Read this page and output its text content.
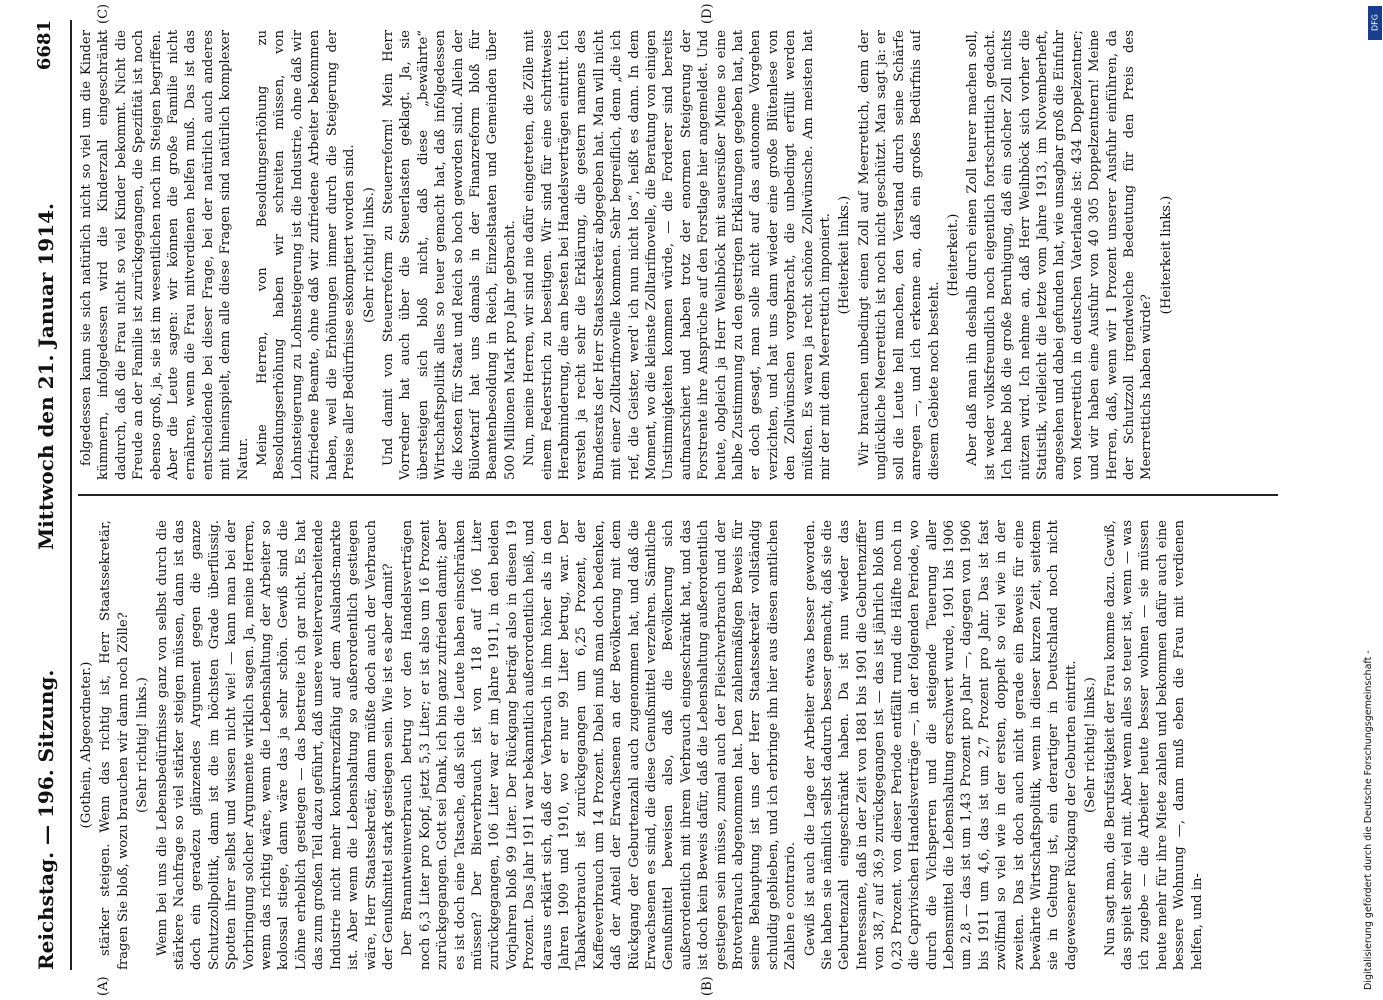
Reichstag. — 196. Sitzung.
Mittwoch den 21. Januar 1914.
6681
(A)	(B)
(C)	(D)

(Gothein, Abgeordneter.) stärker steigen. Wenn das richtig ist, Herr Staatssekretär, fragen Sie bloß, wozu brauchen wir dann noch Zölle? (Sehr richtig! links.) Wenn bei uns die Lebensbedürfnisse ganz von selbst durch die stärkere Nachfrage so viel stärker steigen müssen, dann ist das doch ein geradezu glänzendes Argument gegen die ganze Schutzzollpolitik, dann ist die im höchsten Grade überflüssig. Spotten ihrer selbst und wissen nicht wie! — kann man bei der Vorbringung solcher Argumente wirklich sagen. Ja, meine Herren, wenn das richtig wäre, wenn die Lebenshaltung der Arbeiter so kolossal stiege, dann wäre das ja sehr schön. Gewiß sind die Löhne erheblich gestiegen — das bestreite ich gar nicht. Es hat das zum großen Teil dazu geführt, daß unsere weiterverarbeitende Industrie nicht mehr konkurrenzfähig auf dem Auslands-markte ist. Aber wenn die Lebenshaltung so außerordentlich gestiegen wäre, Herr Staatssekretär, dann müßte doch auch der Verbrauch der Genußmittel stark gestiegen sein. Wie ist es aber damit? Der Branntweinverbrauch betrug vor den Handelsverträgen noch 6,3 Liter pro Kopf, jetzt 5,3 Liter; er ist also um 16 Prozent zurückgegangen. Gott sei Dank, ich bin ganz zufrieden damit; aber es ist doch eine Tatsache, daß sich die Leute haben einschränken müssen? Der Bierverbrauch ist von 118 auf 106 Liter zurückgegangen, 106 Liter war er im Jahre 1911, in den beiden Vorjahren bloß 99 Liter. Der Rückgang beträgt also in diesen 19 Prozent. Das Jahr 1911 war bekanntlich außerordentlich heiß, und daraus erklärt sich, daß der Verbrauch in ihm höher als in den Jahren 1909 und 1910, wo er nur 99 Liter betrug, war. Der Tabakverbrauch ist zurückgegangen um 6,25 Prozent, der Kaffeeverbrauch um 14 Prozent. Dabei muß man doch bedenken, daß der Anteil der Erwachsenen an der Bevölkerung mit dem Rückgang der Geburtenzahl auch zugenommen hat, und daß die Erwachsenen es sind, die diese Genußmittel verzehren. Sämtliche Genußmittel beweisen also, daß die Bevölkerung sich außerordentlich mit ihrem Verbrauch eingeschränkt hat, und das ist doch kein Beweis dafür, daß die Lebenshaltung außerordentlich gestiegen sein müsse, zumal auch der Fleischverbrauch und der Brotverbrauch abgenommen hat. Den zahlenmäßigen Beweis für seine Behauptung ist uns der Herr Staatssekretär vollständig schuldig geblieben, und ich erbringe ihn hier aus diesen amtlichen Zahlen e contrario. Gewiß ist auch die Lage der Arbeiter etwas besser geworden. Sie haben sie nämlich selbst dadurch besser gemacht, daß sie die Geburtenzahl eingeschränkt haben. Da ist nun wieder das Interessante, daß in der Zeit von 1881 bis 1901 die Geburtenziffer von 38,7 auf 36,9 zurückgegangen ist — das ist jährlich bloß um 0,23 Prozent. von dieser Periode entfällt rund die Hälfte noch in die Caprivischen Handelsverträge —, in der folgenden Periode, wo durch die Vichsperren und die steigende Teuerung aller Lebensmittel die Lebenshaltung erschwert wurde, 1901 bis 1906 um 2,8 — das ist um 1,43 Prozent pro Jahr —, dagegen von 1906 bis 1911 um 4,6, das ist um 2,7 Prozent pro Jahr. Das ist fast zwölfmal so viel wie in der ersten, doppelt so viel wie in der zweiten. Das ist doch auch nicht gerade ein Beweis für eine bewährte Wirtschaftspolitik, wenn in dieser kurzen Zeit, seitdem sie in Geltung ist, ein derartiger in Deutschland noch nicht dagewesener Rückgang der Geburten eintritt. (Sehr richtig! links.) Nun sagt man, die Berufstätigkeit der Frau komme dazu. Gewiß, das spielt sehr viel mit. Aber wenn alles so teuer ist, wenn — was ich zugebe — die Arbeiter heute besser wohnen — sie müssen heute mehr für ihre Miete zahlen und bekommen dafür auch eine bessere Wohnung —, dann muß eben die Frau mit verdienen helfen, und in-

folgedessen kann sie sich natürlich nicht so viel um die Kinder kümmern, infolgedessen wird die Kinderzahl eingeschränkt dadurch, daß die Frau nicht so viel Kinder bekommt. Nicht die Freude an der Familie ist zurückgegangen, die Spezifität ist noch ebenso groß, ja, sie ist im wesentlichen noch im Steigen begriffen. Aber die Leute sagen: wir können die große Familie nicht ernähren, wenn die Frau mitverdienen helfen muß. Das ist das entscheidende bei dieser Frage, bei der natürlich auch anderes mit hineinspielt, denn alle diese Fragen sind natürlich komplexer Natur. Meine Herren, von Besoldungserhöhung zu Besoldungserhöhung haben wir schreiten müssen, von Lohnsteigerung zu Lohnsteigerung ist die Industrie, ohne daß wir zufriedene Beamte, ohne daß wir zufriedene Arbeiter bekommen haben, weil die Erhöhungen immer durch die Steigerung der Preise aller Bedürfnisse eskomptiert worden sind. (Sehr richtig! links.) Und damit von Steuerreform zu Steuerreform! Mein Herr Vorredner hat auch über die Steuerlasten geklagt. Ja, sie übersteigen sich bloß nicht, daß diese „bewährte“ Wirtschaftspolitik alles so teuer gemacht hat, daß infolgedessen die Kosten für Staat und Reich so hoch geworden sind. Allein der Bülowtarif hat uns damals in der Finanzreform bloß für Beamtenbesoldung in Reich, Einzelstaaten und Gemeinden über 500 Millionen Mark pro Jahr gebracht. Nun, meine Herren, wir sind nie dafür eingetreten, die Zölle mit einem Federstrich zu beseitigen. Wir sind für eine schrittweise Herabminderung, die am besten bei Handelsverträgen eintritt. Ich versteh ja recht sehr die Erklärung, die gestern namens des Bundesrats der Herr Staatssekretär abgegeben hat. Man will nicht mit einer Zolltarifnovelle kommen. Sehr begreiflich, denn „die ich rief, die Geister, werd' ich nun nicht los“, heißt es dann. In dem Moment, wo die kleinste Zolltarifnovelle, die Beratung von einigen Unstimmigkeiten kommen würde, — die Forderer sind bereits aufmarschiert und haben trotz der enormen Steigerung der Forstrente ihre Ansprüche auf den Forstlage hier angemeldet. Und heute, obgleich ja Herr Weilnböck mit sauersüßer Miene so eine halbe Zustimmung zu den gestrigen Erklärungen gegeben hat, hat er doch gesagt, man solle nicht auf das autonome Vorgehen verzichten, und hat uns dann wieder eine große Blütenlese von den Zollwünschen vorgebracht, die unbedingt erfüllt werden müßten. Es waren ja recht schöne Zollwünsche. Am meisten hat mir der mit dem Meerrettich imponiert. (Heiterkeit links.) Wir brauchen unbedingt einen Zoll auf Meerrettich, denn der unglückliche Meerrettich ist noch nicht geschützt. Man sagt ja: er soll die Leute hell machen, den Verstand durch seine Schärfe anregen —, und ich erkenne an, daß ein großes Bedürfnis auf diesem Gebiete noch besteht.

(Heiterkeit.) Aber daß man ihn deshalb durch einen Zoll teurer machen soll, ist weder volksfreundlich noch eigentlich fortschrittlich gedacht. Ich habe bloß die große Beruhigung, daß ein solcher Zoll nichts nützen wird. Ich nehme an, daß Herr Weilnböck sich vorher die Statistik, vielleicht die letzte vom Jahre 1913, im Novemberheft, angesehen und dabei gefunden hat, wie unsagbar groß die Einfuhr von Meerrettich in deutschen Vaterlande ist: 434 Doppelzentner; und wir haben eine Ausfuhr von 40 305 Doppelzentnern! Meine Herren, daß, wenn wir 1 Prozent unserer Ausfuhr einführen, da der Schutzzoll irgendwelche Bedeutung für den Preis des Meerrettichs haben würde?

(Heiterkeit links.)

Digitalisierung gefördert durch die Deutsche Forschungsgemeinschaft -
DFG
